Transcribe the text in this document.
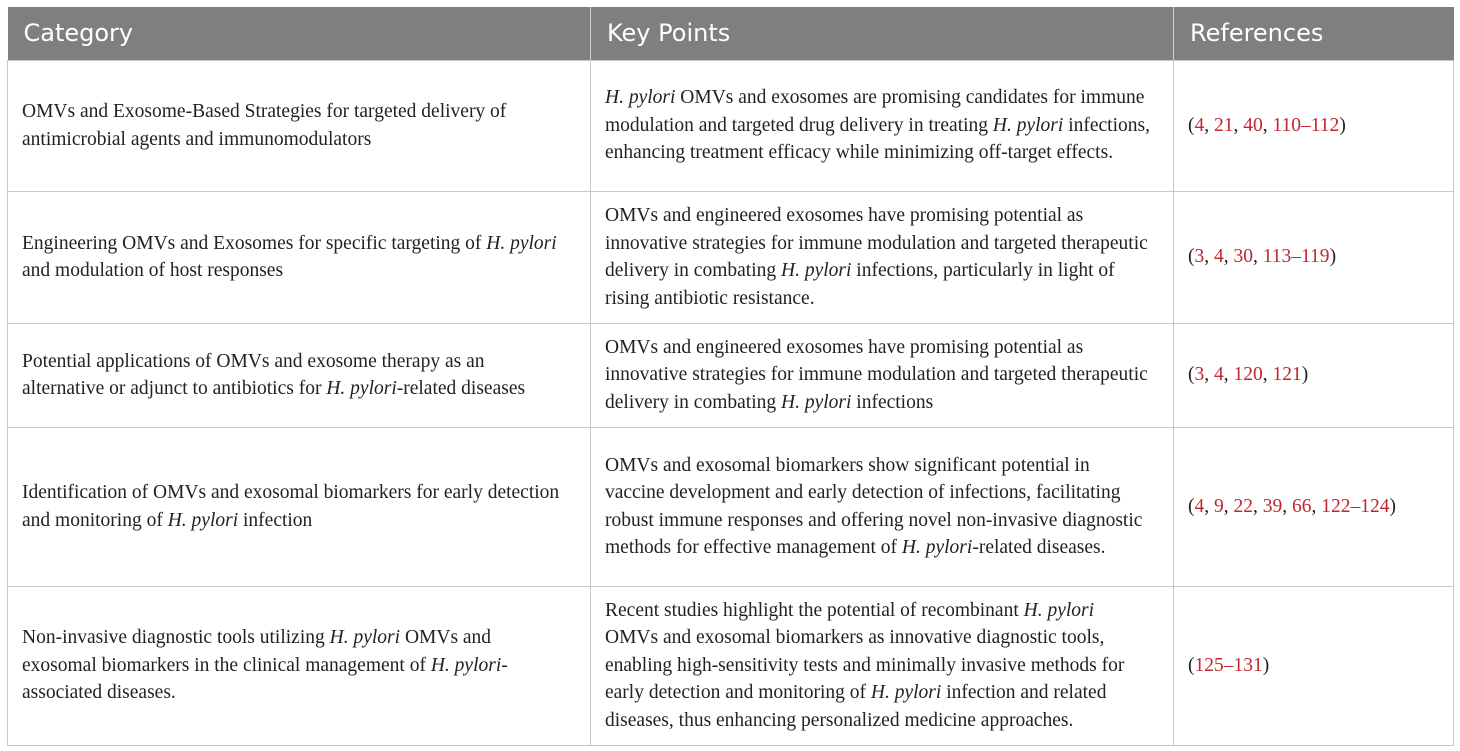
Category	Key Points	References
OMVs and Exosome-Based Strategies for targeted delivery of antimicrobial agents and immunomodulators	H. pylori OMVs and exosomes are promising candidates for immune modulation and targeted drug delivery in treating H. pylori infections, enhancing treatment efficacy while minimizing off-target effects.	(4, 21, 40, 110–112)
Engineering OMVs and Exosomes for specific targeting of H. pylori and modulation of host responses	OMVs and engineered exosomes have promising potential as innovative strategies for immune modulation and targeted therapeutic delivery in combating H. pylori infections, particularly in light of rising antibiotic resistance.	(3, 4, 30, 113–119)
Potential applications of OMVs and exosome therapy as an alternative or adjunct to antibiotics for H. pylori-related diseases	OMVs and engineered exosomes have promising potential as innovative strategies for immune modulation and targeted therapeutic delivery in combating H. pylori infections	(3, 4, 120, 121)
Identification of OMVs and exosomal biomarkers for early detection and monitoring of H. pylori infection	OMVs and exosomal biomarkers show significant potential in vaccine development and early detection of infections, facilitating robust immune responses and offering novel non-invasive diagnostic methods for effective management of H. pylori-related diseases.	(4, 9, 22, 39, 66, 122–124)
Non-invasive diagnostic tools utilizing H. pylori OMVs and exosomal biomarkers in the clinical management of H. pylori-associated diseases.	Recent studies highlight the potential of recombinant H. pylori OMVs and exosomal biomarkers as innovative diagnostic tools, enabling high-sensitivity tests and minimally invasive methods for early detection and monitoring of H. pylori infection and related diseases, thus enhancing personalized medicine approaches.	(125–131)
